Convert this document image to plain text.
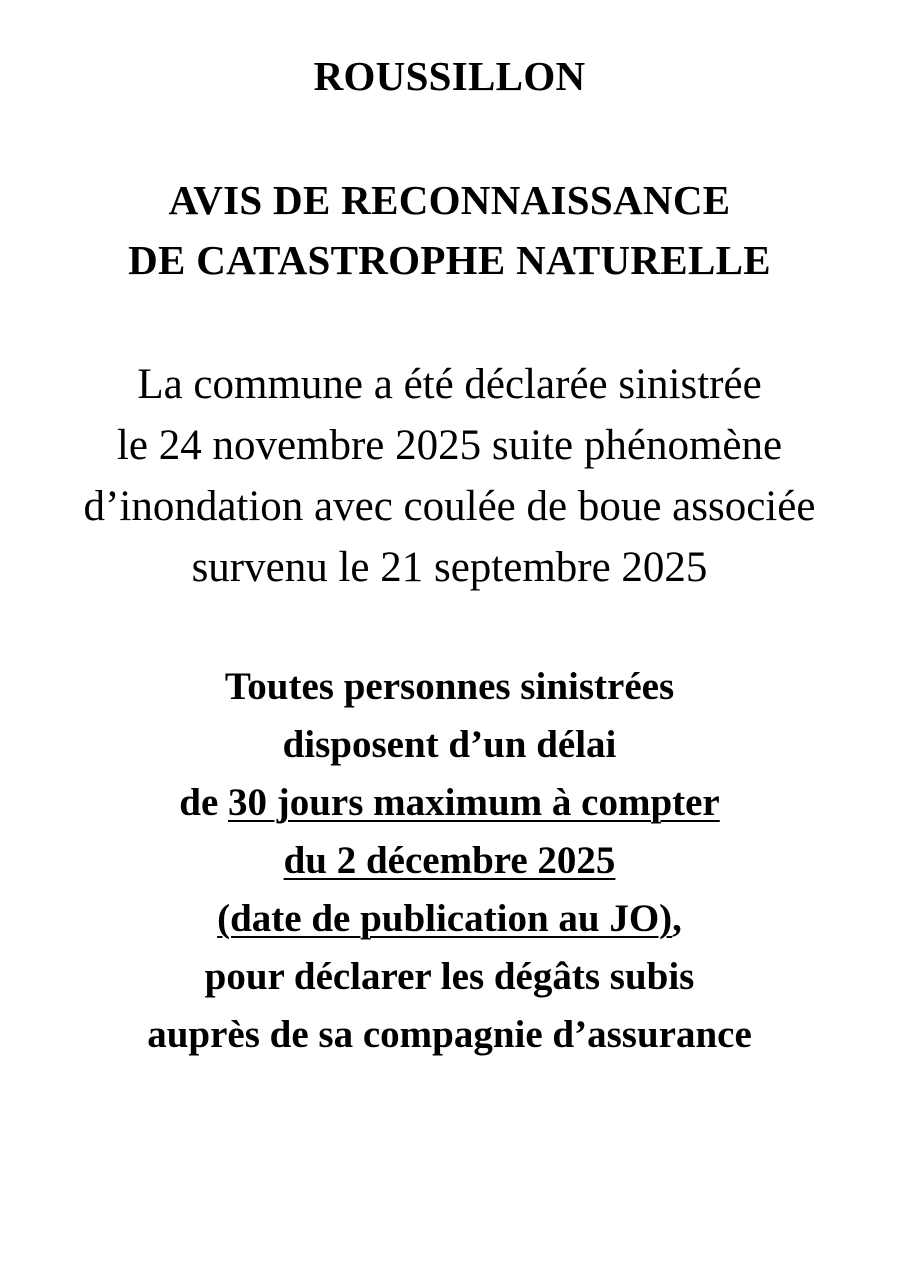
ROUSSILLON
AVIS DE RECONNAISSANCE
DE CATASTROPHE NATURELLE
La commune a été déclarée sinistrée
le 24 novembre 2025 suite phénomène
d’inondation avec coulée de boue associée
survenu le 21 septembre 2025
Toutes personnes sinistrées
disposent d’un délai
de 30 jours maximum à compter
du 2 décembre 2025
(date de publication au JO),
pour déclarer les dégâts subis
auprès de sa compagnie d’assurance
